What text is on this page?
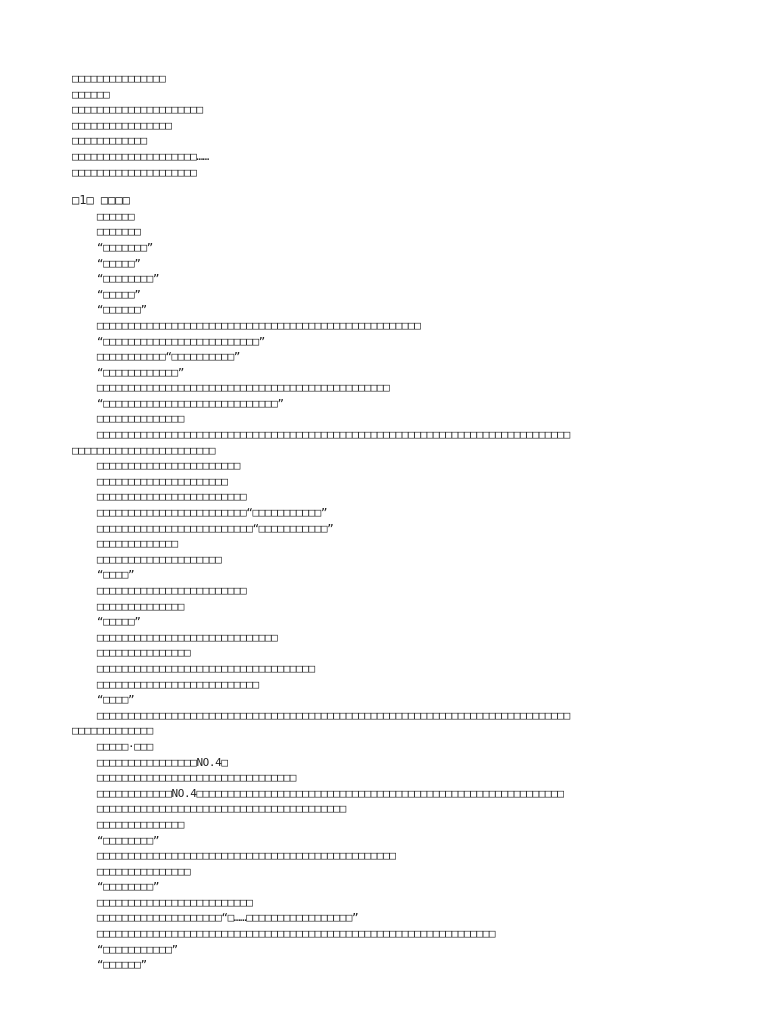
□□□□□□□□□□□□□□□
□□□□□□
□□□□□□□□□□□□□□□□□□□□□
□□□□□□□□□□□□□□□□
□□□□□□□□□□□□
□□□□□□□□□□□□□□□□□□□□……
□□□□□□□□□□□□□□□□□□□□
□1□ □□□□
□□□□□□
□□□□□□□
“□□□□□□□”
“□□□□□”
“□□□□□□□□”
“□□□□□”
“□□□□□□”
□□□□□□□□□□□□□□□□□□□□□□□□□□□□□□□□□□□□□□□□□□□□□□□□□□□□
“□□□□□□□□□□□□□□□□□□□□□□□□□”
□□□□□□□□□□□“□□□□□□□□□□”
“□□□□□□□□□□□□”
□□□□□□□□□□□□□□□□□□□□□□□□□□□□□□□□□□□□□□□□□□□□□□□
“□□□□□□□□□□□□□□□□□□□□□□□□□□□□”
□□□□□□□□□□□□□□
□□□□□□□□□□□□□□□□□□□□□□□□□□□□□□□□□□□□□□□□□□□□□□□□□□□□□□□□□□□□□□□□□□□□□□□□□□□□
□□□□□□□□□□□□□□□□□□□□□□□
□□□□□□□□□□□□□□□□□□□□□□□
□□□□□□□□□□□□□□□□□□□□□
□□□□□□□□□□□□□□□□□□□□□□□□
□□□□□□□□□□□□□□□□□□□□□□□□“□□□□□□□□□□□”
□□□□□□□□□□□□□□□□□□□□□□□□□“□□□□□□□□□□□”
□□□□□□□□□□□□□
□□□□□□□□□□□□□□□□□□□□
“□□□□”
□□□□□□□□□□□□□□□□□□□□□□□□
□□□□□□□□□□□□□□
“□□□□□”
□□□□□□□□□□□□□□□□□□□□□□□□□□□□□
□□□□□□□□□□□□□□□
□□□□□□□□□□□□□□□□□□□□□□□□□□□□□□□□□□□
□□□□□□□□□□□□□□□□□□□□□□□□□□
“□□□□”
□□□□□□□□□□□□□□□□□□□□□□□□□□□□□□□□□□□□□□□□□□□□□□□□□□□□□□□□□□□□□□□□□□□□□□□□□□□□
□□□□□□□□□□□□□
□□□□□·□□□
□□□□□□□□□□□□□□□□NO.4□
□□□□□□□□□□□□□□□□□□□□□□□□□□□□□□□□
□□□□□□□□□□□□NO.4□□□□□□□□□□□□□□□□□□□□□□□□□□□□□□□□□□□□□□□□□□□□□□□□□□□□□□□□□□□
□□□□□□□□□□□□□□□□□□□□□□□□□□□□□□□□□□□□□□□□
□□□□□□□□□□□□□□
“□□□□□□□□”
□□□□□□□□□□□□□□□□□□□□□□□□□□□□□□□□□□□□□□□□□□□□□□□□
□□□□□□□□□□□□□□□
“□□□□□□□□”
□□□□□□□□□□□□□□□□□□□□□□□□□
□□□□□□□□□□□□□□□□□□□□“□……□□□□□□□□□□□□□□□□□”
□□□□□□□□□□□□□□□□□□□□□□□□□□□□□□□□□□□□□□□□□□□□□□□□□□□□□□□□□□□□□□□□
“□□□□□□□□□□□”
“□□□□□□”
